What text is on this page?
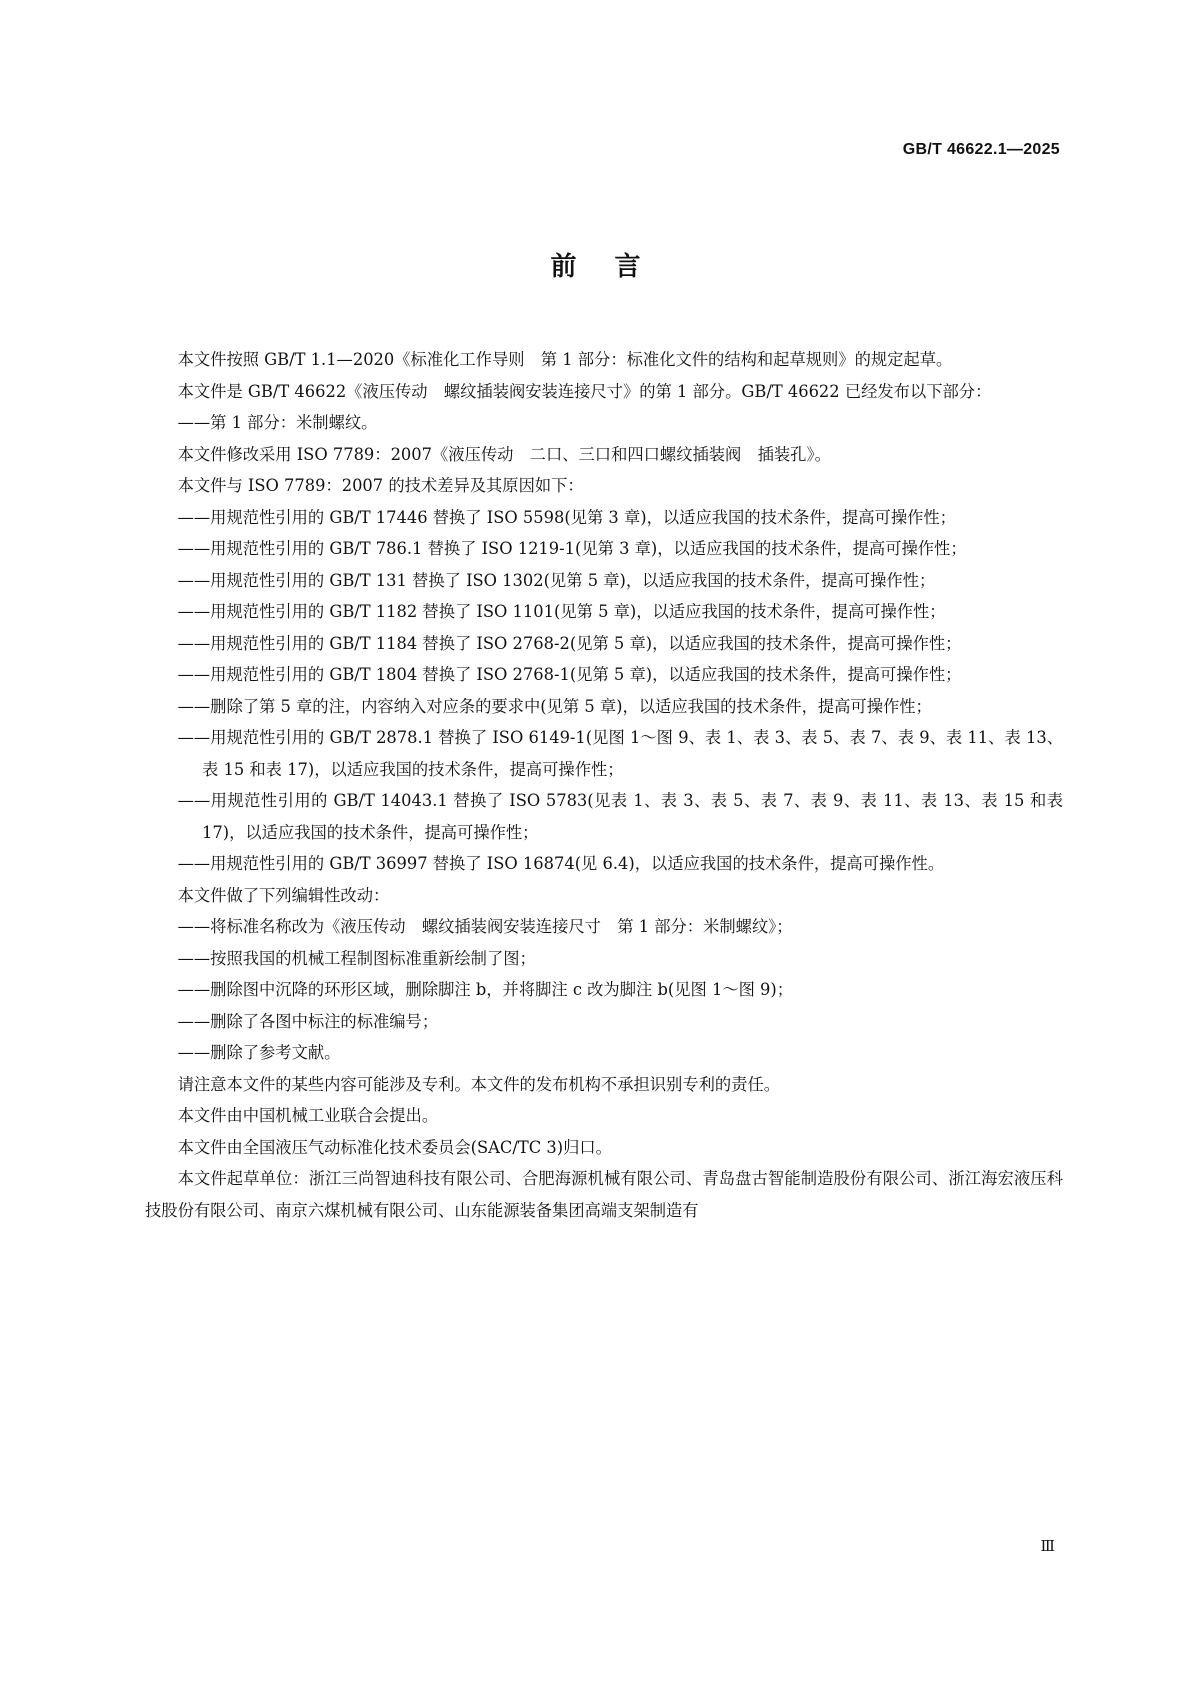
GB/T 46622.1—2025
前言

本文件按照 GB/T 1.1—2020《标准化工作导则　第 1 部分：标准化文件的结构和起草规则》的规定起草。

本文件是 GB/T 46622《液压传动　螺纹插装阀安装连接尺寸》的第 1 部分。GB/T 46622 已经发布以下部分：

——第 1 部分：米制螺纹。

本文件修改采用 ISO 7789：2007《液压传动　二口、三口和四口螺纹插装阀　插装孔》。

本文件与 ISO 7789：2007 的技术差异及其原因如下：

——用规范性引用的 GB/T 17446 替换了 ISO 5598(见第 3 章)，以适应我国的技术条件，提高可操作性；

——用规范性引用的 GB/T 786.1 替换了 ISO 1219-1(见第 3 章)，以适应我国的技术条件，提高可操作性；

——用规范性引用的 GB/T 131 替换了 ISO 1302(见第 5 章)，以适应我国的技术条件，提高可操作性；

——用规范性引用的 GB/T 1182 替换了 ISO 1101(见第 5 章)，以适应我国的技术条件，提高可操作性；

——用规范性引用的 GB/T 1184 替换了 ISO 2768-2(见第 5 章)，以适应我国的技术条件，提高可操作性；

——用规范性引用的 GB/T 1804 替换了 ISO 2768-1(见第 5 章)，以适应我国的技术条件，提高可操作性；

——删除了第 5 章的注，内容纳入对应条的要求中(见第 5 章)，以适应我国的技术条件，提高可操作性；

——用规范性引用的 GB/T 2878.1 替换了 ISO 6149-1(见图 1～图 9、表 1、表 3、表 5、表 7、表 9、表 11、表 13、表 15 和表 17)，以适应我国的技术条件，提高可操作性；

——用规范性引用的 GB/T 14043.1 替换了 ISO 5783(见表 1、表 3、表 5、表 7、表 9、表 11、表 13、表 15 和表 17)，以适应我国的技术条件，提高可操作性；

——用规范性引用的 GB/T 36997 替换了 ISO 16874(见 6.4)，以适应我国的技术条件，提高可操作性。

本文件做了下列编辑性改动：

——将标准名称改为《液压传动　螺纹插装阀安装连接尺寸　第 1 部分：米制螺纹》；

——按照我国的机械工程制图标准重新绘制了图；

——删除图中沉降的环形区域，删除脚注 b，并将脚注 c 改为脚注 b(见图 1～图 9)；

——删除了各图中标注的标准编号；

——删除了参考文献。

请注意本文件的某些内容可能涉及专利。本文件的发布机构不承担识别专利的责任。

本文件由中国机械工业联合会提出。

本文件由全国液压气动标准化技术委员会(SAC/TC 3)归口。

本文件起草单位：浙江三尚智迪科技有限公司、合肥海源机械有限公司、青岛盘古智能制造股份有限公司、浙江海宏液压科技股份有限公司、南京六煤机械有限公司、山东能源装备集团高端支架制造有

Ⅲ
